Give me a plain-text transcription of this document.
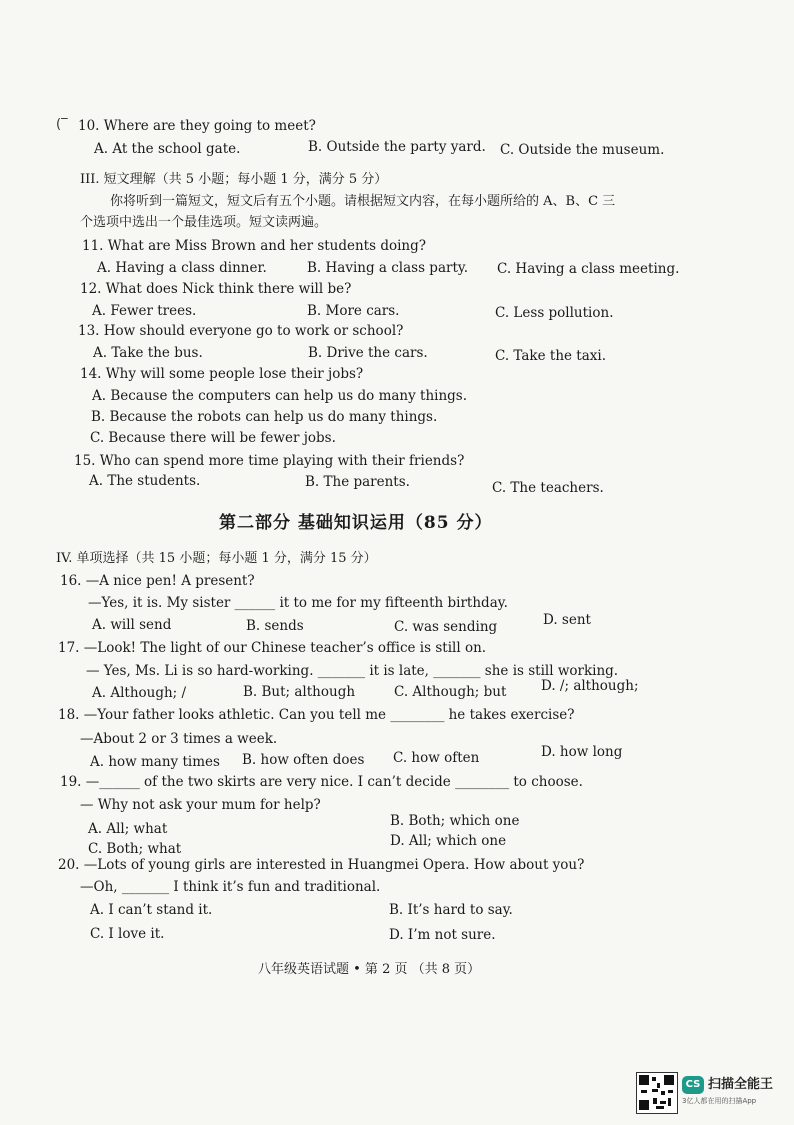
(‾ 10. Where are they going to meet?
A. At the school gate.	B. Outside the party yard. C. Outside the museum.
III. 短文理解（共 5 小题；每小题 1 分，满分 5 分）
你将听到一篇短文，短文后有五个小题。请根据短文内容，在每小题所给的 A、B、C 三
个选项中选出一个最佳选项。短文读两遍。
11. What are Miss Brown and her students doing?
A. Having a class dinner.	B. Having a class party. C. Having a class meeting.
12. What does Nick think there will be?
A. Fewer trees.	B. More cars.	C. Less pollution.
13. How should everyone go to work or school?
A. Take the bus.	B. Drive the cars.	C. Take the taxi.
14. Why will some people lose their jobs?
A. Because the computers can help us do many things.
B. Because the robots can help us do many things.
C. Because there will be fewer jobs.
15. Who can spend more time playing with their friends?
A. The students.	B. The parents.	C. The teachers.
第二部分 基础知识运用（85 分）
IV. 单项选择（共 15 小题；每小题 1 分，满分 15 分）
16. —A nice pen! A present?
—Yes, it is. My sister ______ it to me for my fifteenth birthday.
A. will send	B. sends	C. was sending	D. sent
17. —Look! The light of our Chinese teacher’s office is still on.
— Yes, Ms. Li is so hard-working. _______ it is late, _______ she is still working.
A. Although; /	B. But; although	C. Although; but	D. /; although;
18. —Your father looks athletic. Can you tell me ________ he takes exercise?
—About 2 or 3 times a week.
A. how many times B. how often does C. how often	D. how long
19. —______ of the two skirts are very nice. I can’t decide ________ to choose.
— Why not ask your mum for help?
B. Both; which one
A. All; what
D. All; which one
C. Both; what
20. —Lots of young girls are interested in Huangmei Opera. How about you?
—Oh, _______ I think it’s fun and traditional.
A. I can’t stand it.	B. It’s hard to say.
C. I love it.	D. I’m not sure.
八年级英语试题 • 第 2 页 （共 8 页）
CS 扫描全能王
3亿人都在用的扫描App
